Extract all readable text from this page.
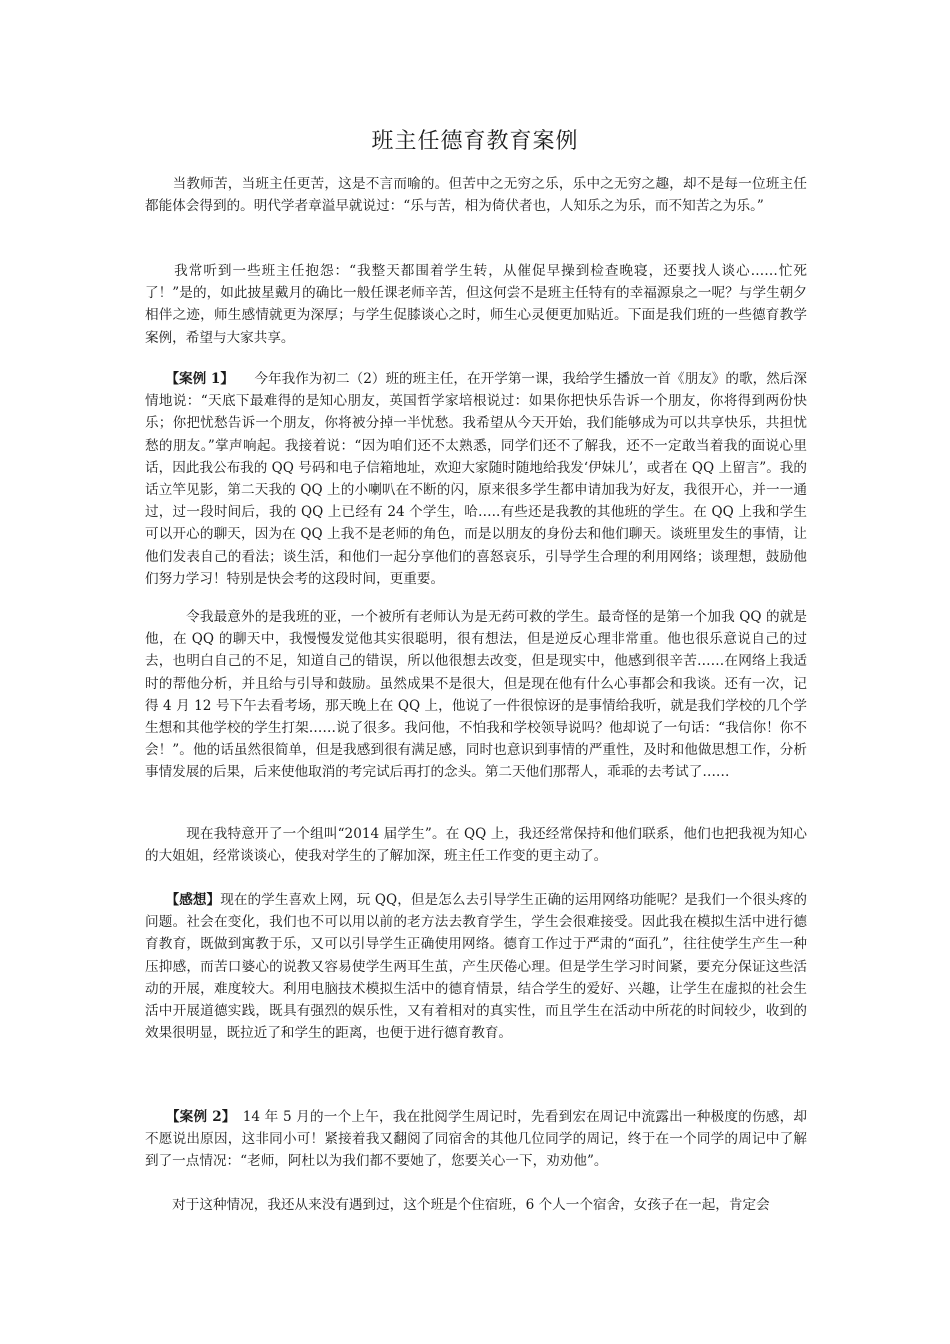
班主任德育教育案例

　　当教师苦，当班主任更苦，这是不言而喻的。但苦中之无穷之乐，乐中之无穷之趣，却不是每一位班主任都能体会得到的。明代学者章溢早就说过：“乐与苦，相为倚伏者也，人知乐之为乐，而不知苦之为乐。”

　　我常听到一些班主任抱怨：“我整天都围着学生转，从催促早操到检查晚寝，还要找人谈心……忙死了！”是的，如此披星戴月的确比一般任课老师辛苦，但这何尝不是班主任特有的幸福源泉之一呢？与学生朝夕相伴之迹，师生感情就更为深厚；与学生促膝谈心之时，师生心灵便更加贴近。下面是我们班的一些德育教学案例，希望与大家共享。

　　【案例 1】　　今年我作为初二（2）班的班主任，在开学第一课，我给学生播放一首《朋友》的歌，然后深情地说：“天底下最难得的是知心朋友，英国哲学家培根说过：如果你把快乐告诉一个朋友，你将得到两份快乐；你把忧愁告诉一个朋友，你将被分掉一半忧愁。我希望从今天开始，我们能够成为可以共享快乐，共担忧愁的朋友。”掌声响起。我接着说：“因为咱们还不太熟悉，同学们还不了解我，还不一定敢当着我的面说心里话，因此我公布我的 QQ 号码和电子信箱地址，欢迎大家随时随地给我发‘伊妹儿’，或者在 QQ 上留言”。我的话立竿见影，第二天我的 QQ 上的小喇叭在不断的闪，原来很多学生都申请加我为好友，我很开心，并一一通过，过一段时间后，我的 QQ 上已经有 24 个学生，哈…..有些还是我教的其他班的学生。在 QQ 上我和学生可以开心的聊天，因为在 QQ 上我不是老师的角色，而是以朋友的身份去和他们聊天。谈班里发生的事情，让他们发表自己的看法；谈生活，和他们一起分享他们的喜怒哀乐，引导学生合理的利用网络；谈理想，鼓励他们努力学习！特别是快会考的这段时间，更重要。

　　　令我最意外的是我班的亚，一个被所有老师认为是无药可救的学生。最奇怪的是第一个加我 QQ 的就是他，在 QQ 的聊天中，我慢慢发觉他其实很聪明，很有想法，但是逆反心理非常重。他也很乐意说自己的过去，也明白自己的不足，知道自己的错误，所以他很想去改变，但是现实中，他感到很辛苦……在网络上我适时的帮他分析，并且给与引导和鼓励。虽然成果不是很大，但是现在他有什么心事都会和我谈。还有一次，记得 4 月 12 号下午去看考场，那天晚上在 QQ 上，他说了一件很惊讶的是事情给我听，就是我们学校的几个学生想和其他学校的学生打架……说了很多。我问他，不怕我和学校领导说吗？他却说了一句话：“我信你！你不会！”。他的话虽然很简单，但是我感到很有满足感，同时也意识到事情的严重性，及时和他做思想工作，分析事情发展的后果，后来使他取消的考完试后再打的念头。第二天他们那帮人，乖乖的去考试了……

　　　现在我特意开了一个组叫“2014 届学生”。在 QQ 上，我还经常保持和他们联系，他们也把我视为知心的大姐姐，经常谈谈心，使我对学生的了解加深，班主任工作变的更主动了。

　　【感想】现在的学生喜欢上网，玩 QQ，但是怎么去引导学生正确的运用网络功能呢？是我们一个很头疼的问题。社会在变化，我们也不可以用以前的老方法去教育学生，学生会很难接受。因此我在模拟生活中进行德育教育，既做到寓教于乐，又可以引导学生正确使用网络。德育工作过于严肃的“面孔”，往往使学生产生一种压抑感，而苦口婆心的说教又容易使学生两耳生茧，产生厌倦心理。但是学生学习时间紧，要充分保证这些活动的开展，难度较大。利用电脑技术模拟生活中的德育情景，结合学生的爱好、兴趣，让学生在虚拟的社会生活中开展道德实践，既具有强烈的娱乐性，又有着相对的真实性，而且学生在活动中所花的时间较少，收到的效果很明显，既拉近了和学生的距离，也便于进行德育教育。

　　【案例 2】　14 年 5 月的一个上午，我在批阅学生周记时，先看到宏在周记中流露出一种极度的伤感，却不愿说出原因，这非同小可！紧接着我又翻阅了同宿舍的其他几位同学的周记，终于在一个同学的周记中了解到了一点情况：“老师，阿杜以为我们都不要她了，您要关心一下，劝劝他”。

　　对于这种情况，我还从来没有遇到过，这个班是个住宿班，6 个人一个宿舍，女孩子在一起，肯定会
